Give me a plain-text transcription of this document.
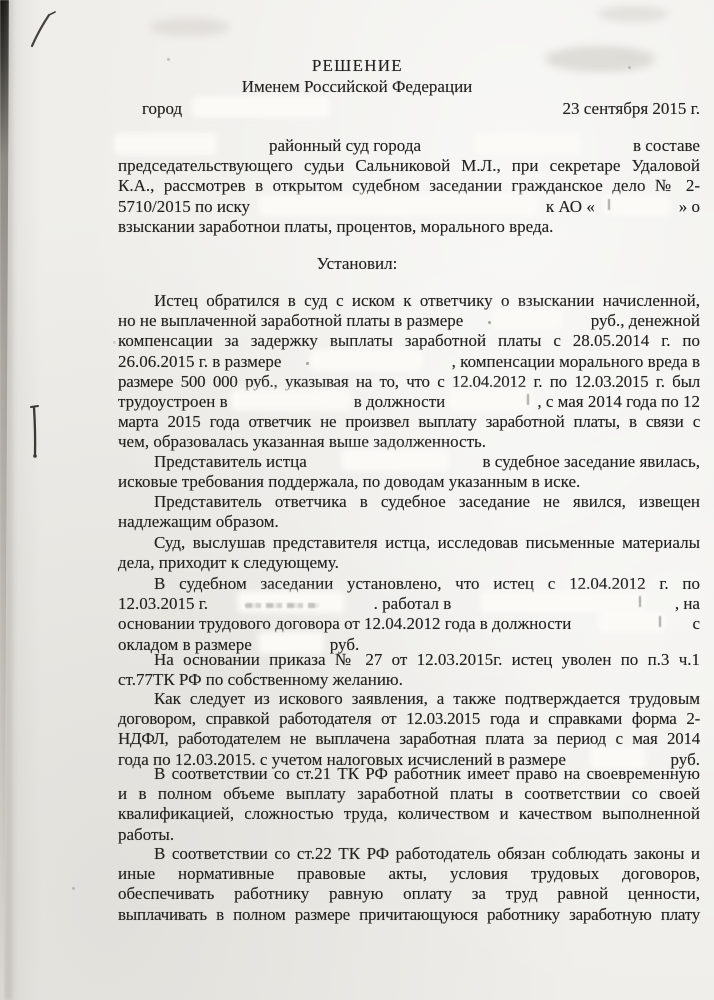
Р Е Ш Е Н И Е
Именем Российской Федерации
город	23 сентября 2015 г.
районный суд города	в составе
председательствующего судьи Сальниковой М.Л., при секретаре Удаловой
К.А., рассмотрев в открытом судебном заседании гражданское дело № 2-
5710/2015 по иску	к АО «	» о
взыскании заработнои платы, процентов, морального вреда.
Установил:
Истец обратился в суд с иском к ответчику о взыскании начисленной,
но не выплаченной заработной платы в размере	руб., денежной
компенсации за задержку выплаты заработной платы с 28.05.2014 г. по
26.06.2015 г. в размере	, компенсации морального вреда в
размере 500 000 руб., указывая на то, что с 12.04.2012 г. по 12.03.2015 г. был
трудоустроен в	в должности	, с мая 2014 года по 12
марта 2015 года ответчик не произвел выплату заработной платы, в связи с
чем, образовалась указанная выше задолженность.
Представитель истца	в судебное заседание явилась,
исковые требования поддержала, по доводам указанным в иске.
Представитель ответчика в судебное заседание не явился, извещен
надлежащим образом.
Суд, выслушав представителя истца, исследовав письменные материалы
дела, приходит к следующему.
В судебном заседании установлено, что истец с 12.04.2012 г. по
12.03.2015 г.	. работал в	, на
основании трудового договора от 12.04.2012 года в должности	с
окладом в размере	руб.
На основании приказа № 27 от 12.03.2015г. истец уволен по п.3 ч.1
ст.77ТК РФ по собственному желанию.
Как следует из искового заявления, а также подтверждается трудовым
договором, справкой работодателя от 12.03.2015 года и справками форма 2-
НДФЛ, работодателем не выплачена заработная плата за период с мая 2014
года по 12.03.2015. с учетом налоговых исчислений в размере	руб.
В соответствии со ст.21 ТК РФ работник имеет право на своевременную
и в полном объеме выплату заработной платы в соответствии со своей
квалификацией, сложностью труда, количеством и качеством выполненной
работы.
В соответствии со ст.22 ТК РФ работодатель обязан соблюдать законы и
иные нормативные правовые акты, условия трудовых договоров,
обеспечивать работнику равную оплату за труд равной ценности,
выплачивать в полном размере причитающуюся работнику заработную плату
